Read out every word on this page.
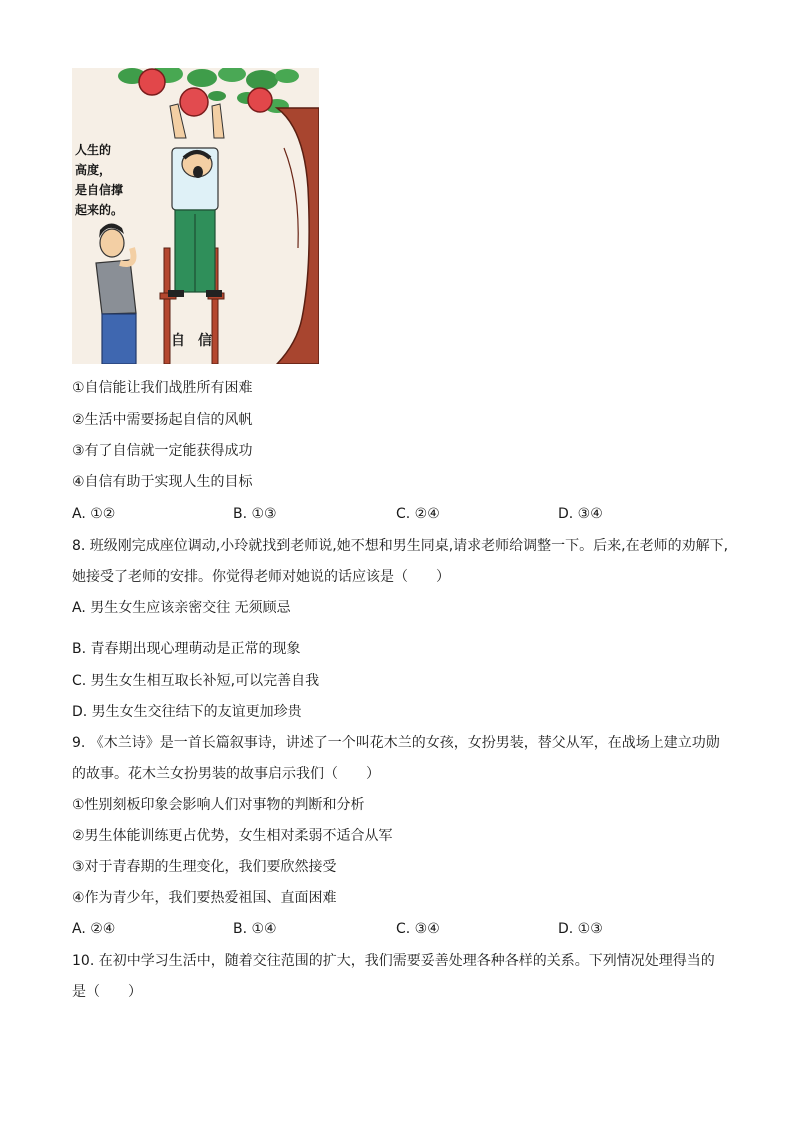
人生的
高度，
是自信撑
起来的。
自 信
①自信能让我们战胜所有困难
②生活中需要扬起自信的风帆
③有了自信就一定能获得成功
④自信有助于实现人生的目标
A. ①②	B. ①③	C. ②④	D. ③④
8. 班级刚完成座位调动,小玲就找到老师说,她不想和男生同桌,请求老师给调整一下。后来,在老师的劝解下,
她接受了老师的安排。你觉得老师对她说的话应该是（　　）
A. 男生女生应该亲密交往 无须顾忌
B. 青春期出现心理萌动是正常的现象
C. 男生女生相互取长补短,可以完善自我
D. 男生女生交往结下的友谊更加珍贵
9. 《木兰诗》是一首长篇叙事诗，讲述了一个叫花木兰的女孩，女扮男装，替父从军，在战场上建立功勋
的故事。花木兰女扮男装的故事启示我们（　　）
①性别刻板印象会影响人们对事物的判断和分析
②男生体能训练更占优势，女生相对柔弱不适合从军
③对于青春期的生理变化，我们要欣然接受
④作为青少年，我们要热爱祖国、直面困难
A. ②④	B. ①④	C. ③④	D. ①③
10. 在初中学习生活中，随着交往范围的扩大，我们需要妥善处理各种各样的关系。下列情况处理得当的
是（　　）
